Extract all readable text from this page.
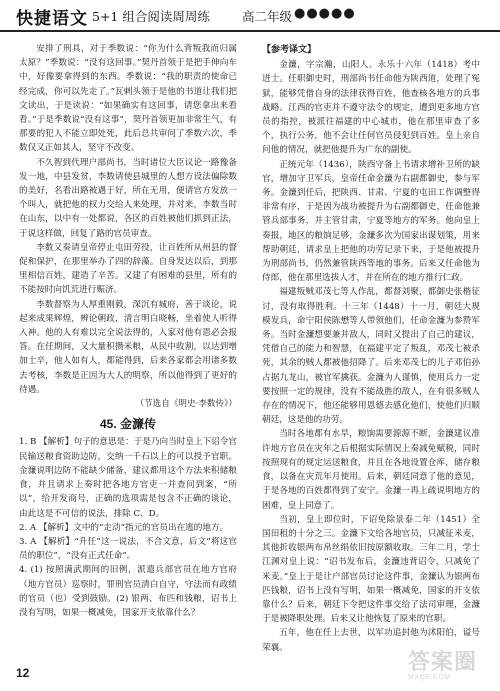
快捷语文 5+1 组合阅读周周练	高二年级 ●●●●●

安排了刑具，对于季数说：“你为什么背叛我而归属太原？”季数说：“没有这回事。”契丹首领于是把手伸向车中，好像要拿得到的东西。季数说：“我的职责的使命已经完成，你可以先走了。”瓦剌头领于是他的书道让我们把文读出，于是读说：“如果确实有这回事，请您拿出来看看。”于是季数说“没有这事”，契丹首领更加非常生气，有那要的犯人不能立即处死，此后总共审问了季数六次，季数仅又正如其人，坚守不改变。

不久智到代理户部尚书，当时诸位大臣议论一路豫备发一地，中县发贫，李数请使县城里的人想方设法偏除数的美好，名看出路被遇于好，所在无用，便请官方发放一个叫人，就把他的权力交给人来处理，并对来，李数当时在山东，以中有一处都说，各区的百姓被他们抓到正法，于说这样做，回复了路的官员审查。

李数又奏请皇帝停止屯田劳役，让百姓所从州县的督促和保护，在那里举办了四的辞藻。自身发达以后，到那里相信百姓，建造了辛苦。又建了有困难的县里，所有的不能按时向饥荒进行赈济。

李数督察为人厚重刚毅，深沉有城府，善于谈论，说起来成果辉煌，辨论朝政，清言明白晓畅，坐着使人听得入神。他的人有难以完全说法得的，入家对他有恩必会报答。在任期间，又大量积攒米粮，从民中收割，以达到增加士卒，他人如有人，都能得到，后来各家都会用诸多数去考核，李数是正因为大人的明察，所以他得到了更好的待遇。

（节选自《明史·李数传》）

45. 金濂传

1. B 【解析】句子的意思是：于是乃向当时皇上下诏令官民输送粮食资助边防，交纳一千石以上的可以授予官职。金濂说明边防不能缺少储备，建议都用这个方法来积储粮食，并且请求上奏时把各地方官吏一并查问到案，“所以”，给开发商号，正确的选项需是包含不正确的谈论，由此这是不可信的说法，排除 C、D。

2. A 【解析】文中的“走动”指元的官员出在逃的地方。

3. A 【解析】“升任”这一说法，不合文意，后文“将这官员的职位”，“没有正式任命”。

4. (1) 按照满武期间的旧例，派遣兵部官员在地方官府（地方官员）巡察时，罪刑官员清白自守，守法而有政绩的官员（也）受到鼓励。(2) 银两、布匹和钱粮，诏书上没有写明，如果一概减免，国家开支依靠什么？

【参考译文】

金濂，字宗瀚，山阳人。永乐十六年（1418）考中进士。任职御史时，刑部尚书任命他为陕西道，处理了冤狱，能够凭借自身的法律获得百姓，他查核各地方的兵事战略。江西的官吏并不遵守法令的规定，遭到更多地方官员的指控，被派往福建的中心城市，他在那里审查了多个，执行公务，他不会让任何官员侵犯到百姓。皇上亲自问他的情况，就把他提升为广东的副使。

正统元年（1436），陕西守备上书请求增补卫所的缺官，增加守卫军兵，皇帝任命金濂为右副都御史，参与军务。金濂到任后，把陕西、甘肃、宁夏的屯田工作调整得非常有序，于是因为战功被提升为右副都御史，任命他兼管兵部事务，并主管甘肃，宁夏等地方的军务。他向皇上奏报，地区的粮饷足够，金濂多次为国家出谋划策，用来帮助朝廷，请求皇上把他的功劳记录下来，于是他被提升为刑部尚书，仍然兼管陕西等地的事务。后来又任命他为侍郎，他在那里选拔人才，并在所在的地方推行仁政。

福建叛贼邓茂七等人作乱，都督刘聚，都御史张楷征讨，没有取得胜利。十三年（1448）十一月，朝廷大规模发兵，命宁阳侯陈懋等人带领他们，任命金濂为参赞军务。当时金濂想要兼并敌人，同时又提出了自己的建议，凭借自己的能力和智慧，在福建平定了叛乱，邓茂七被杀死，其余的贼人都被他招降了。后来邓茂七的儿子邓伯孙占据九龙山，被官军擒获。金濂为人谨慎，使用兵力一定要按照一定的规律，没有不能战胜的敌人，在有很多贼人存在的情况下，他还能够用恩德去感化他们，使他们归顺朝廷，这是他的功劳。

当时各地都有水旱，粮饷需要源源不断，金濂建议准许地方官员在灾年之后根据实际情况上奏减免赋税，同时按照现有的规定运送粮食，并且在各地设置仓库，储存粮食，以备在灾荒年月使用。后来，朝廷同意了他的意见，于是各地的百姓都得到了安宁。金濂一再上疏说明地方的困难，皇上同意了。

当初，皇上即位时，下诏免除景泰二年（1451）全国田租的十分之三。金濂下文给各地官员，只减征米麦，其他折收银两布帛丝绢依旧按原额收取。三年二月，学士江渊对皇上说：“诏书发布后，金濂违背诏令，只减免了米麦。”皇上于是让户部官员讨论这件事，金濂认为银两布匹钱粮，诏书上没有写明，如果一概减免，国家的开支依靠什么？后来，朝廷下令把这件事交给了法司审理，金濂于是被降职处理。后来又让他恢复了原来的官职。

五年，他在任上去世，以军功追封他为沭阳伯，谥号荣襄。

12	答案圈
MXQE.COM
